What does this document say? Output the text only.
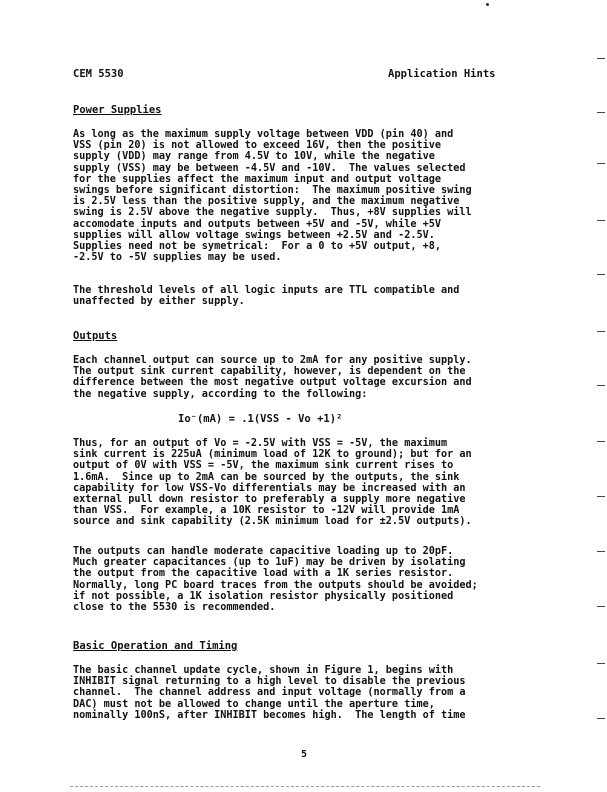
CEM 5530	Application Hints
Power Supplies
As long as the maximum supply voltage between VDD (pin 40) and
VSS (pin 20) is not allowed to exceed 16V, then the positive
supply (VDD) may range from 4.5V to 10V, while the negative
supply (VSS) may be between -4.5V and -10V.  The values selected
for the supplies affect the maximum input and output voltage
swings before significant distortion:  The maximum positive swing
is 2.5V less than the positive supply, and the maximum negative
swing is 2.5V above the negative supply.  Thus, +8V supplies will
accomodate inputs and outputs between +5V and -5V, while +5V
supplies will allow voltage swings between +2.5V and -2.5V.
Supplies need not be symetrical:  For a 0 to +5V output, +8,
-2.5V to -5V supplies may be used.
The threshold levels of all logic inputs are TTL compatible and
unaffected by either supply.
Outputs
Each channel output can source up to 2mA for any positive supply.
The output sink current capability, however, is dependent on the
difference between the most negative output voltage excursion and
the negative supply, according to the following:
Io⁻(mA) = .1(VSS - Vo +1)²
Thus, for an output of Vo = -2.5V with VSS = -5V, the maximum
sink current is 225uA (minimum load of 12K to ground); but for an
output of 0V with VSS = -5V, the maximum sink current rises to
1.6mA.  Since up to 2mA can be sourced by the outputs, the sink
capability for low VSS-Vo differentials may be increased with an
external pull down resistor to preferably a supply more negative
than VSS.  For example, a 10K resistor to -12V will provide 1mA
source and sink capability (2.5K minimum load for ±2.5V outputs).
The outputs can handle moderate capacitive loading up to 20pF.
Much greater capacitances (up to 1uF) may be driven by isolating
the output from the capacitive load with a 1K series resistor.
Normally, long PC board traces from the outputs should be avoided;
if not possible, a 1K isolation resistor physically positioned
close to the 5530 is recommended.
Basic Operation and Timing
The basic channel update cycle, shown in Figure 1, begins with
INHIBIT signal returning to a high level to disable the previous
channel.  The channel address and input voltage (normally from a
DAC) must not be allowed to change until the aperture time,
nominally 100nS, after INHIBIT becomes high.  The length of time
5
